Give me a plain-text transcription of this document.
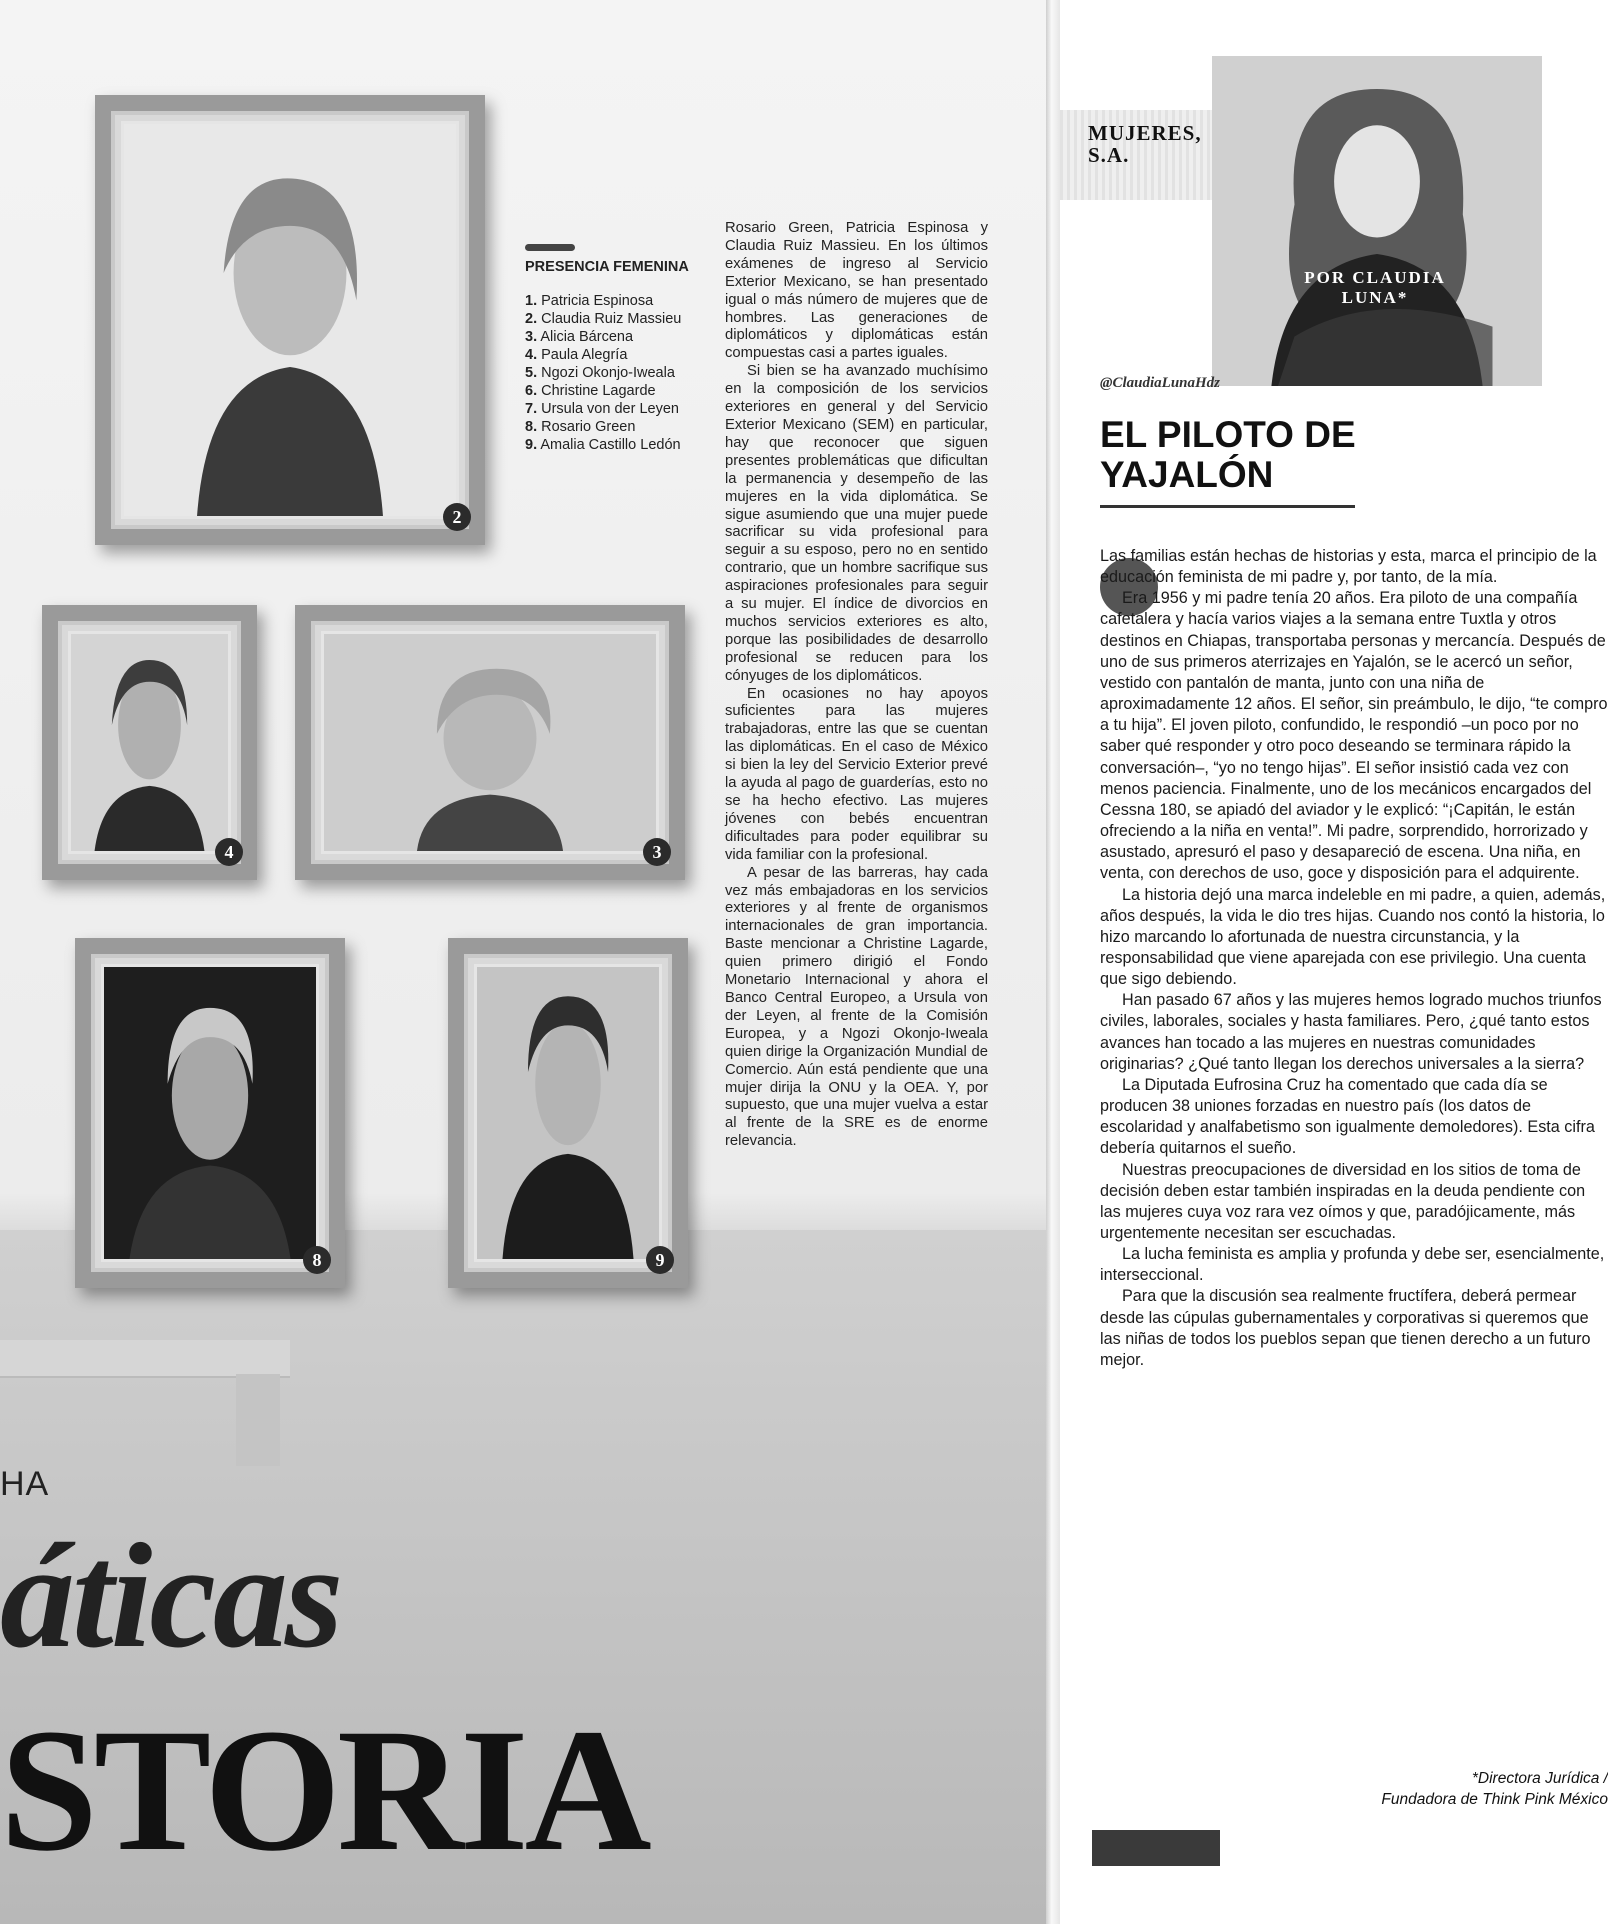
2
4	3
8	9
PRESENCIA FEMENINA
1. Patricia Espinosa
2. Claudia Ruiz Massieu
3. Alicia Bárcena
4. Paula Alegría
5. Ngozi Okonjo-Iweala
6. Christine Lagarde
7. Ursula von der Leyen
8. Rosario Green
9. Amalia Castillo Ledón

Rosario Green, Patricia Espinosa y Claudia Ruiz Massieu. En los últimos exámenes de ingreso al Servicio Exterior Mexicano, se han presentado igual o más número de mujeres que de hombres. Las generaciones de diplomáticos y diplomáticas están compuestas casi a partes iguales.

Si bien se ha avanzado muchísimo en la composición de los servicios exteriores en general y del Servicio Exterior Mexicano (SEM) en particular, hay que reconocer que siguen presentes problemáticas que dificultan la permanencia y desempeño de las mujeres en la vida diplomática. Se sigue asumiendo que una mujer puede sacrificar su vida profesional para seguir a su esposo, pero no en sentido contrario, que un hombre sacrifique sus aspiraciones profesionales para seguir a su mujer. El índice de divorcios en muchos servicios exteriores es alto, porque las posibilidades de desarrollo profesional se reducen para los cónyuges de los diplomáticos.

En ocasiones no hay apoyos suficientes para las mujeres trabajadoras, entre las que se cuentan las diplomáticas. En el caso de México si bien la ley del Servicio Exterior prevé la ayuda al pago de guarderías, esto no se ha hecho efectivo. Las mujeres jóvenes con bebés encuentran dificultades para poder equilibrar su vida familiar con la profesional.

A pesar de las barreras, hay cada vez más embajadoras en los servicios exteriores y al frente de organismos internacionales de gran importancia. Baste mencionar a Christine Lagarde, quien primero dirigió el Fondo Monetario Internacional y ahora el Banco Central Europeo, a Ursula von der Leyen, al frente de la Comisión Europea, y a Ngozi Okonjo-Iweala quien dirige la Organización Mundial de Comercio. Aún está pendiente que una mujer dirija la ONU y la OEA. Y, por supuesto, que una mujer vuelva a estar al frente de la SRE es de enorme relevancia.

HA
áticas
STORIA
MUJERES, S.A.
POR CLAUDIA LUNA*
@ClaudiaLunaHdz
EL PILOTO DE YAJALÓN

Las familias están hechas de historias y esta, marca el principio de la educación feminista de mi padre y, por tanto, de la mía.

Era 1956 y mi padre tenía 20 años. Era piloto de una compañía cafetalera y hacía varios viajes a la semana entre Tuxtla y otros destinos en Chiapas, transportaba personas y mercancía. Después de uno de sus primeros aterrizajes en Yajalón, se le acercó un señor, vestido con pantalón de manta, junto con una niña de aproximadamente 12 años. El señor, sin preámbulo, le dijo, “te compro a tu hija”. El joven piloto, confundido, le respondió –un poco por no saber qué responder y otro poco deseando se terminara rápido la conversación–, “yo no tengo hijas”. El señor insistió cada vez con menos paciencia. Finalmente, uno de los mecánicos encargados del Cessna 180, se apiadó del aviador y le explicó: “¡Capitán, le están ofreciendo a la niña en venta!”. Mi padre, sorprendido, horrorizado y asustado, apresuró el paso y desapareció de escena. Una niña, en venta, con derechos de uso, goce y disposición para el adquirente.

La historia dejó una marca indeleble en mi padre, a quien, además, años después, la vida le dio tres hijas. Cuando nos contó la historia, lo hizo marcando lo afortunada de nuestra circunstancia, y la responsabilidad que viene aparejada con ese privilegio. Una cuenta que sigo debiendo.

Han pasado 67 años y las mujeres hemos logrado muchos triunfos civiles, laborales, sociales y hasta familiares. Pero, ¿qué tanto estos avances han tocado a las mujeres en nuestras comunidades originarias? ¿Qué tanto llegan los derechos universales a la sierra?

La Diputada Eufrosina Cruz ha comentado que cada día se producen 38 uniones forzadas en nuestro país (los datos de escolaridad y analfabetismo son igualmente demoledores). Esta cifra debería quitarnos el sueño.

Nuestras preocupaciones de diversidad en los sitios de toma de decisión deben estar también inspiradas en la deuda pendiente con las mujeres cuya voz rara vez oímos y que, paradójicamente, más urgentemente necesitan ser escuchadas.

La lucha feminista es amplia y profunda y debe ser, esencialmente, interseccional.

Para que la discusión sea realmente fructífera, deberá permear desde las cúpulas gubernamentales y corporativas si queremos que las niñas de todos los pueblos sepan que tienen derecho a un futuro mejor.

*Directora Jurídica /
Fundadora de Think Pink México
